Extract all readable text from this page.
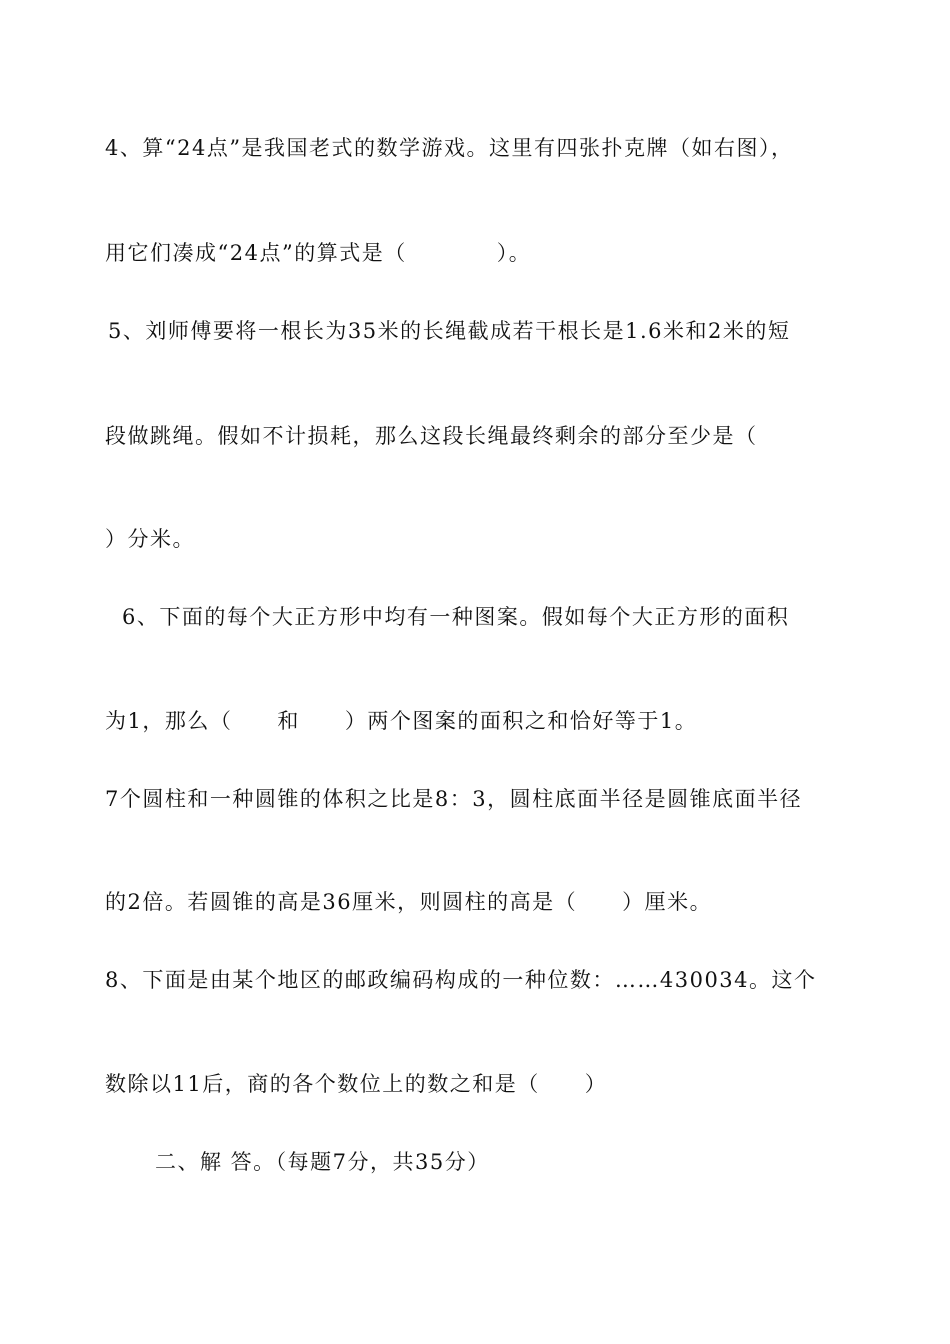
4、算“24点”是我国老式的数学游戏。这里有四张扑克牌（如右图），
用它们凑成“24点”的算式是（　　　　）。
5、刘师傅要将一根长为35米的长绳截成若干根长是1.6米和2米的短
段做跳绳。假如不计损耗，那么这段长绳最终剩余的部分至少是（
）分米。
6、下面的每个大正方形中均有一种图案。假如每个大正方形的面积
为1，那么（　　和　　）两个图案的面积之和恰好等于1。
7个圆柱和一种圆锥的体积之比是8：3，圆柱底面半径是圆锥底面半径
的2倍。若圆锥的高是36厘米，则圆柱的高是（　　）厘米。
8、下面是由某个地区的邮政编码构成的一种位数：……430034。这个
数除以11后，商的各个数位上的数之和是（　　）
二、解 答。（每题7分，共35分）
